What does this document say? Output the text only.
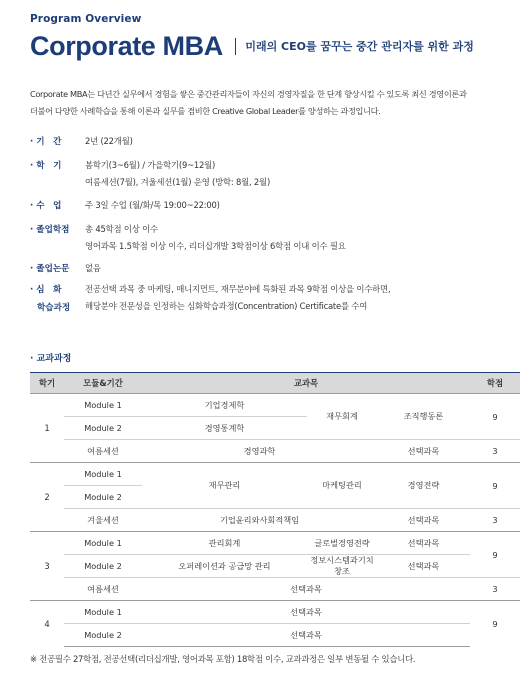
Program Overview
Corporate MBA 미래의 CEO를 꿈꾸는 중간 관리자를 위한 과정
Corporate MBA는 다년간 실무에서 경험을 쌓은 중간관리자들이 자신의 경영자질을 한 단계 향상시킬 수 있도록 최신 경영이론과
더불어 다양한 사례학습을 통해 이론과 실무를 겸비한 Creative Global Leader를 양성하는 과정입니다.
· 기　간	2년 (22개월)
· 학　기	봄학기(3~6월) / 가을학기(9~12월)
여름세션(7월), 겨울세션(1월) 운영 (방학: 8월, 2월)
· 수　업	주 3일 수업 (월/화/목 19:00~22:00)
· 졸업학점	총 45학점 이상 이수
영어과목 1.5학점 이상 이수, 리더십개발 3학점이상 6학점 이내 이수 필요
· 졸업논문	없음
· 심　화
학습과정
전공선택 과목 중 마케팅, 매니지먼트, 재무분야에 특화된 과목 9학점 이상을 이수하면,
해당분야 전문성을 인정하는 심화학습과정(Concentration) Certificate를 수여
· 교과과정
학기	모듈&기간	교과목			학점
1	Module 1	기업경제학	재무회계	조직행동론	9
	Module 2	경영통계학			
	여름세션	경영과학		선택과목	3
2	Module 1	재무관리	마케팅관리	경영전략	9
	Module 2				
	겨울세션	기업윤리와사회적책임		선택과목	3
3	Module 1	관리회계	글로벌경영전략	선택과목	9
	Module 2	오퍼레이션과 공급망 관리	정보시스템과기치창조	선택과목	
	여름세션	선택과목			3
4	Module 1	선택과목			9
	Module 2	선택과목			
※ 전공필수 27학점, 전공선택(리더십개발, 영어과목 포함) 18학점 이수, 교과과정은 일부 변동될 수 있습니다.
